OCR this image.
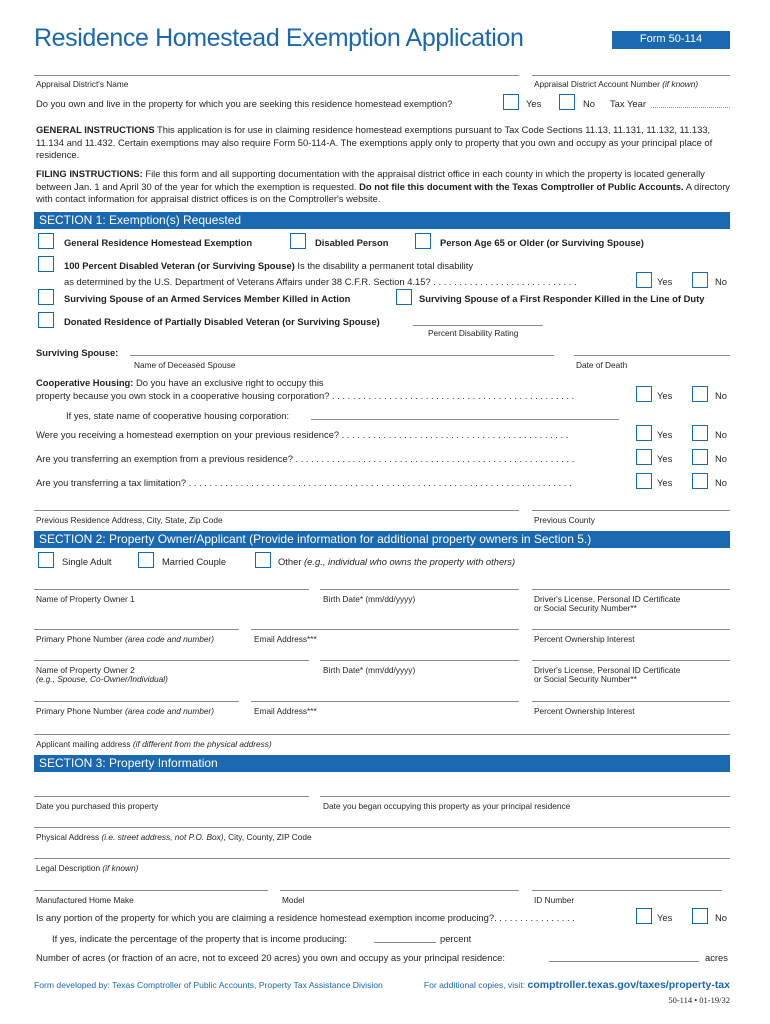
Residence Homestead Exemption Application	Form 50-114
Appraisal District's Name	Appraisal District Account Number (if known)
Do you own and live in the property for which you are seeking this residence homestead exemption?	Yes	No Tax Year
GENERAL INSTRUCTIONS This application is for use in claiming residence homestead exemptions pursuant to Tax Code Sections 11.13, 11.131, 11.132, 11.133, 11.134 and 11.432. Certain exemptions may also require Form 50-114-A. The exemptions apply only to property that you own and occupy as your principal place of residence.
FILING INSTRUCTIONS: File this form and all supporting documentation with the appraisal district office in each county in which the property is located generally between Jan. 1 and April 30 of the year for which the exemption is requested. Do not file this document with the Texas Comptroller of Public Accounts. A directory with contact information for appraisal district offices is on the Comptroller's website.
SECTION 1: Exemption(s) Requested
General Residence Homestead Exemption	Disabled Person	Person Age 65 or Older (or Surviving Spouse)
100 Percent Disabled Veteran (or Surviving Spouse) Is the disability a permanent total disability
as determined by the U.S. Department of Veterans Affairs under 38 C.F.R. Section 4.15? . . . . . . . . . . . . . . . . . . . . . . . . . . . .	Yes	No
Surviving Spouse of an Armed Services Member Killed in Action	Surviving Spouse of a First Responder Killed in the Line of Duty
Donated Residence of Partially Disabled Veteran (or Surviving Spouse)
Percent Disability Rating
Surviving Spouse:
Name of Deceased Spouse	Date of Death
Cooperative Housing: Do you have an exclusive right to occupy this
property because you own stock in a cooperative housing corporation? . . . . . . . . . . . . . . . . . . . . . . . . . . . . . . . . . . . . . . . . . . . . . . .	Yes	No
If yes, state name of cooperative housing corporation:
Were you receiving a homestead exemption on your previous residence? . . . . . . . . . . . . . . . . . . . . . . . . . . . . . . . . . . . . . . . . . . . .	Yes	No
Are you transferring an exemption from a previous residence? . . . . . . . . . . . . . . . . . . . . . . . . . . . . . . . . . . . . . . . . . . . . . . . . . . . . . .	Yes	No
Are you transferring a tax limitation? . . . . . . . . . . . . . . . . . . . . . . . . . . . . . . . . . . . . . . . . . . . . . . . . . . . . . . . . . . . . . . . . . . . . . . . . . .	Yes	No
Previous Residence Address, City, State, Zip Code	Previous County
SECTION 2: Property Owner/Applicant (Provide information for additional property owners in Section 5.)
Single Adult	Married Couple	Other (e.g., individual who owns the property with others)
Name of Property Owner 1	Birth Date* (mm/dd/yyyy)	Driver's License, Personal ID Certificate
or Social Security Number**
Primary Phone Number (area code and number)	Email Address***	Percent Ownership Interest
Name of Property Owner 2
(e.g., Spouse, Co-Owner/Individual)
Birth Date* (mm/dd/yyyy)	Driver's License, Personal ID Certificate
or Social Security Number**
Primary Phone Number (area code and number)	Email Address***	Percent Ownership Interest
Applicant mailing address (if different from the physical address)
SECTION 3: Property Information
Date you purchased this property	Date you began occupying this property as your principal residence
Physical Address (i.e. street address, not P.O. Box), City, County, ZIP Code
Legal Description (if known)
Manufactured Home Make	Model	ID Number
Is any portion of the property for which you are claiming a residence homestead exemption income producing?. . . . . . . . . . . . . . . .	Yes	No
If yes, indicate the percentage of the property that is income producing:	percent
Number of acres (or fraction of an acre, not to exceed 20 acres) you own and occupy as your principal residence:	acres
Form developed by: Texas Comptroller of Public Accounts, Property Tax Assistance Division	For additional copies, visit: comptroller.texas.gov/taxes/property-tax
50-114 • 01-19/32
